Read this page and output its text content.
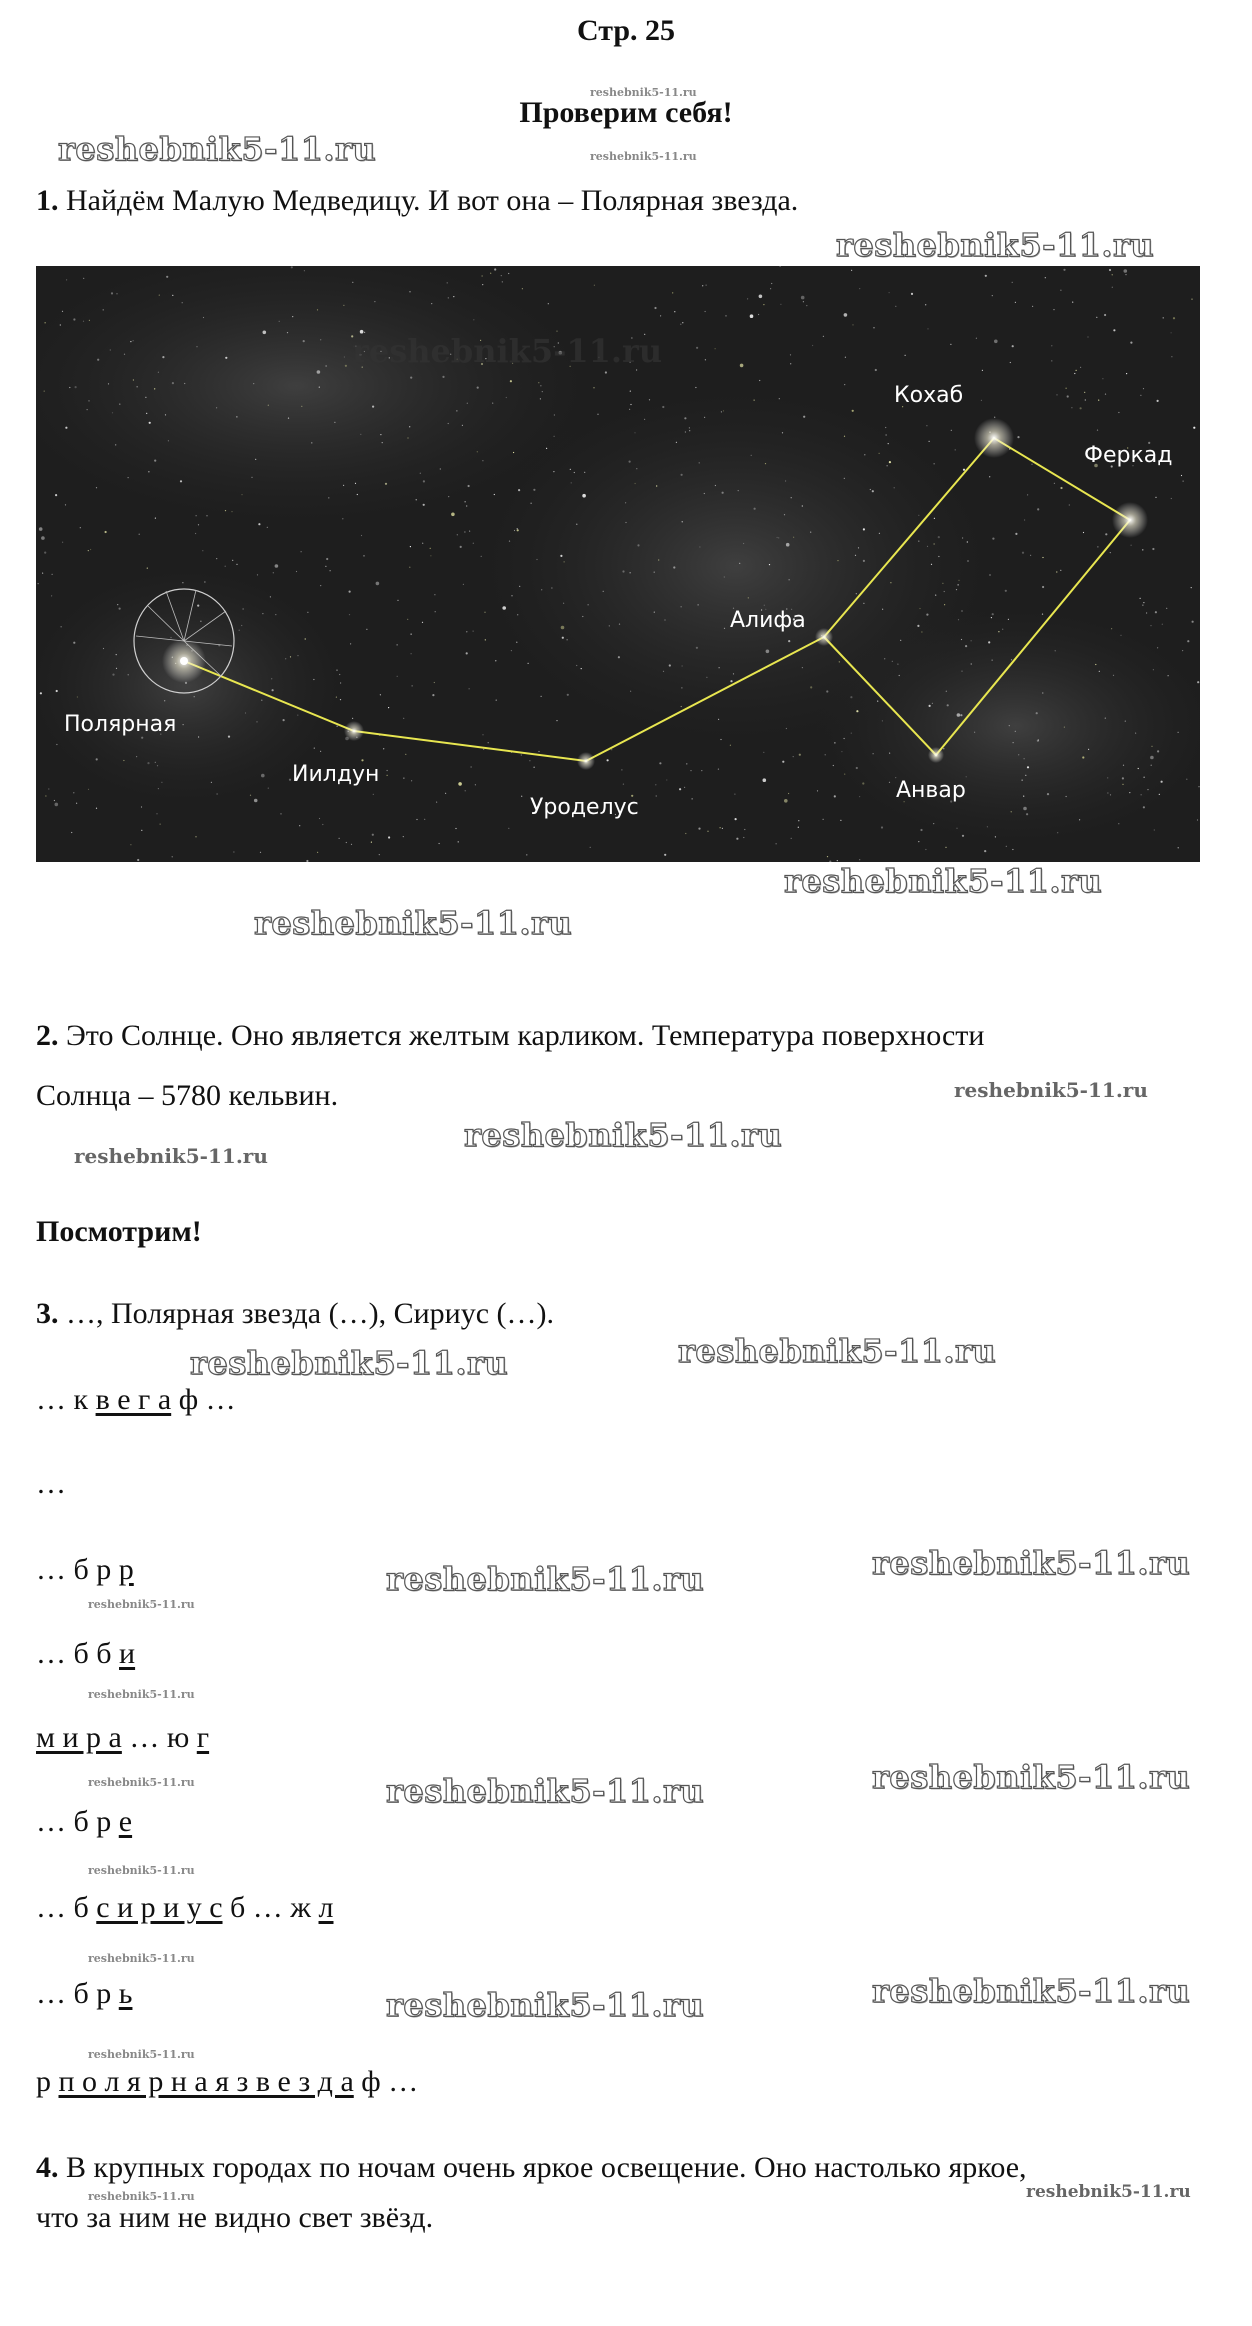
Стр. 25
reshebnik5-11.ru
Проверим себя!
reshebnik5-11.ru
reshebnik5-11.ru
1. Найдём Малую Медведицу. И вот она – Полярная звезда.
reshebnik5-11.ru
Полярная
Иилдун
Уроделус
Алифа
Кохаб
Феркад
Анвар
reshebnik5-11.ru
reshebnik5-11.ru
reshebnik5-11.ru
2. Это Солнце. Оно является желтым карликом. Температура поверхности
Солнца – 5780 кельвин.	reshebnik5-11.ru
reshebnik5-11.ru
reshebnik5-11.ru
Посмотрим!
3. …, Полярная звезда (…), Сириус (…).
reshebnik5-11.ru
reshebnik5-11.ru
… к в е г а ф …
…
… б р р	reshebnik5-11.ru	reshebnik5-11.ru
reshebnik5-11.ru
… б б и
reshebnik5-11.ru
м и р а … ю г
reshebnik5-11.ru	reshebnik5-11.ru	reshebnik5-11.ru
… б р е
reshebnik5-11.ru
… б с и р и у с б … ж л
reshebnik5-11.ru
… б р ь	reshebnik5-11.ru	reshebnik5-11.ru
reshebnik5-11.ru
р п о л я р н а я з в е з д а ф …
4. В крупных городах по ночам очень яркое освещение. Оно настолько яркое,
reshebnik5-11.ru
reshebnik5-11.ru
что за ним не видно свет звёзд.
